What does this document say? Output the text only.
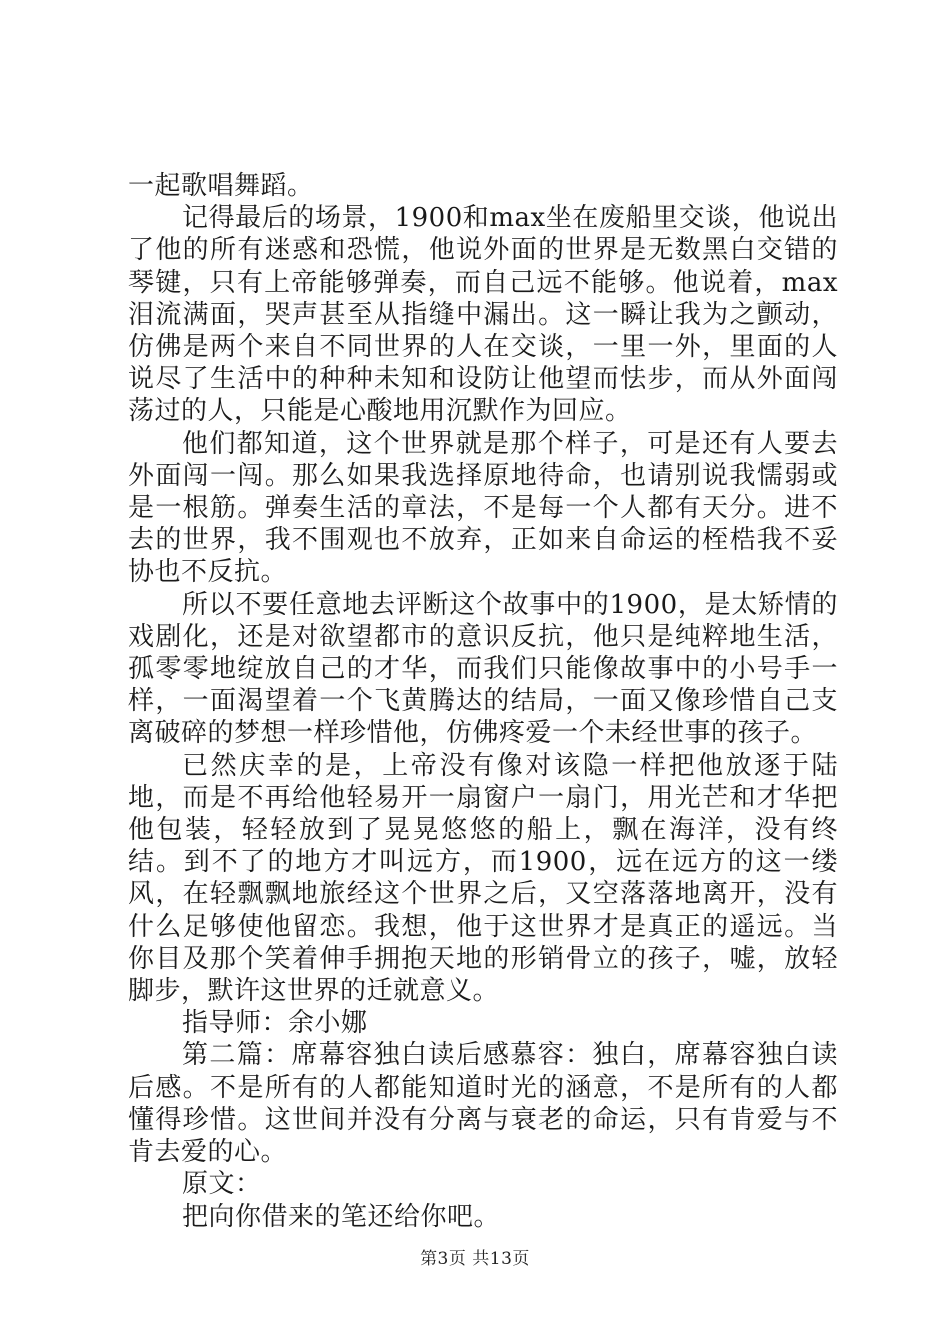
一起歌唱舞蹈。

记得最后的场景，1900和max坐在废船里交谈，他说出了他的所有迷惑和恐慌，他说外面的世界是无数黑白交错的琴键，只有上帝能够弹奏，而自己远不能够。他说着，max泪流满面，哭声甚至从指缝中漏出。这一瞬让我为之颤动，仿佛是两个来自不同世界的人在交谈，一里一外，里面的人说尽了生活中的种种未知和设防让他望而怯步，而从外面闯荡过的人，只能是心酸地用沉默作为回应。

他们都知道，这个世界就是那个样子，可是还有人要去外面闯一闯。那么如果我选择原地待命，也请别说我懦弱或是一根筋。弹奏生活的章法，不是每一个人都有天分。进不去的世界，我不围观也不放弃，正如来自命运的桎梏我不妥协也不反抗。

所以不要任意地去评断这个故事中的1900，是太矫情的戏剧化，还是对欲望都市的意识反抗，他只是纯粹地生活，孤零零地绽放自己的才华，而我们只能像故事中的小号手一样，一面渴望着一个飞黄腾达的结局，一面又像珍惜自己支离破碎的梦想一样珍惜他，仿佛疼爱一个未经世事的孩子。

已然庆幸的是，上帝没有像对该隐一样把他放逐于陆地，而是不再给他轻易开一扇窗户一扇门，用光芒和才华把他包装，轻轻放到了晃晃悠悠的船上，飘在海洋，没有终结。到不了的地方才叫远方，而1900，远在远方的这一缕风，在轻飘飘地旅经这个世界之后，又空落落地离开，没有什么足够使他留恋。我想，他于这世界才是真正的遥远。当你目及那个笑着伸手拥抱天地的形销骨立的孩子，嘘，放轻脚步，默许这世界的迁就意义。

指导师：余小娜

第二篇：席幕容独白读后感慕容：独白，席幕容独白读后感。不是所有的人都能知道时光的涵意，不是所有的人都懂得珍惜。这世间并没有分离与衰老的命运，只有肯爱与不肯去爱的心。

原文：

把向你借来的笔还给你吧。

第3页 共13页
